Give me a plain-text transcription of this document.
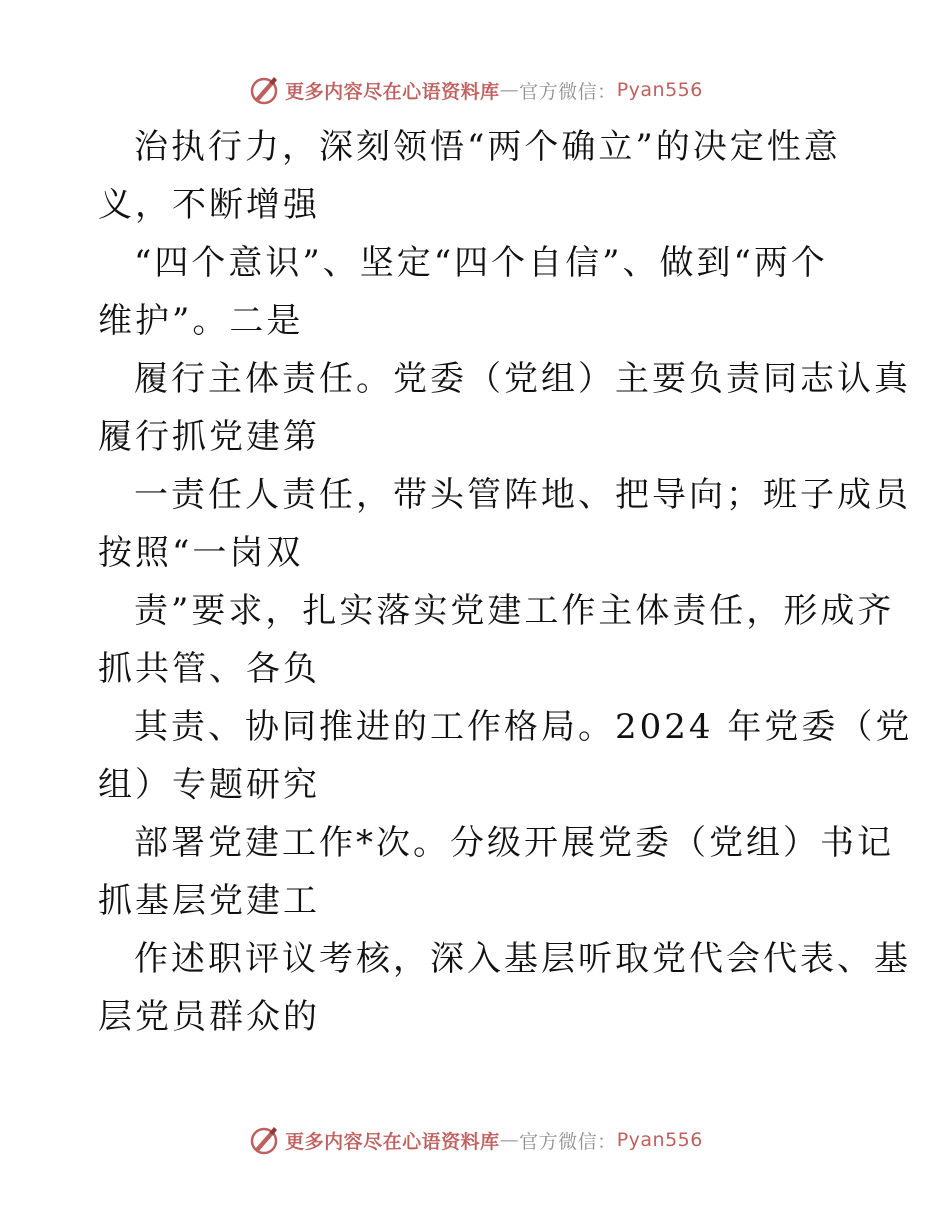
更多内容尽在心语资料库 — 官方微信： Pyan556

治执行力，深刻领悟“两个确立”的决定性意
义，不断增强

“四个意识”、坚定“四个自信”、做到“两个
维护”。二是

履行主体责任。党委（党组）主要负责同志认真
履行抓党建第

一责任人责任，带头管阵地、把导向；班子成员
按照“一岗双

责”要求，扎实落实党建工作主体责任，形成齐
抓共管、各负

其责、协同推进的工作格局。2024 年党委（党
组）专题研究

部署党建工作*次。分级开展党委（党组）书记
抓基层党建工

作述职评议考核，深入基层听取党代会代表、基
层党员群众的

更多内容尽在心语资料库 — 官方微信： Pyan556
